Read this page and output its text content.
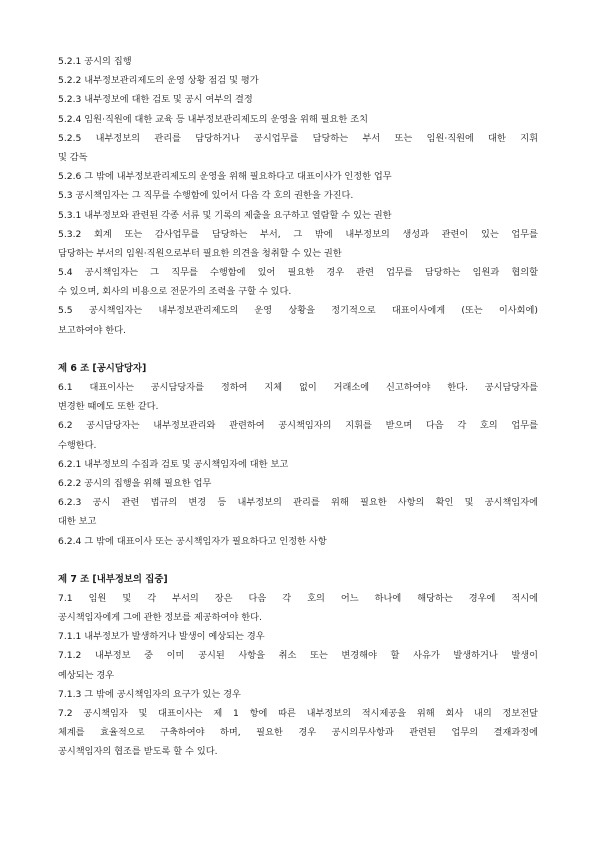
5.2.1 공시의 집행
5.2.2 내부정보관리제도의 운영 상황 점검 및 평가
5.2.3 내부정보에 대한 검토 및 공시 여부의 결정
5.2.4 임원·직원에 대한 교육 등 내부정보관리제도의 운영을 위해 필요한 조치
5.2.5 내부정보의 관리를 담당하거나 공시업무를 담당하는 부서 또는 임원·직원에 대한 지휘
및 감독
5.2.6 그 밖에 내부정보관리제도의 운영을 위해 필요하다고 대표이사가 인정한 업무
5.3 공시책임자는 그 직무를 수행함에 있어서 다음 각 호의 권한을 가진다.
5.3.1 내부정보와 관련된 각종 서류 및 기록의 제출을 요구하고 열람할 수 있는 권한
5.3.2 회계 또는 감사업무를 담당하는 부서, 그 밖에 내부정보의 생성과 관련이 있는 업무를
담당하는 부서의 임원·직원으로부터 필요한 의견을 청취할 수 있는 권한
5.4 공시책임자는 그 직무를 수행함에 있어 필요한 경우 관련 업무를 담당하는 임원과 협의할
수 있으며, 회사의 비용으로 전문가의 조력을 구할 수 있다.
5.5 공시책임자는 내부정보관리제도의 운영 상황을 정기적으로 대표이사에게 (또는 이사회에)
보고하여야 한다.
제 6 조 [공시담당자]
6.1 대표이사는 공시담당자를 정하여 지체 없이 거래소에 신고하여야 한다. 공시담당자를
변경한 때에도 또한 같다.
6.2 공시담당자는 내부정보관리와 관련하여 공시책임자의 지휘를 받으며 다음 각 호의 업무를
수행한다.
6.2.1 내부정보의 수집과 검토 및 공시책임자에 대한 보고
6.2.2 공시의 집행을 위해 필요한 업무
6.2.3 공시 관련 법규의 변경 등 내부정보의 관리를 위해 필요한 사항의 확인 및 공시책임자에
대한 보고
6.2.4 그 밖에 대표이사 또는 공시책임자가 필요하다고 인정한 사항
제 7 조 [내부정보의 집중]
7.1 임원 및 각 부서의 장은 다음 각 호의 어느 하나에 해당하는 경우에 적시에
공시책임자에게 그에 관한 정보를 제공하여야 한다.
7.1.1 내부정보가 발생하거나 발생이 예상되는 경우
7.1.2 내부정보 중 이미 공시된 사항을 취소 또는 변경해야 할 사유가 발생하거나 발생이
예상되는 경우
7.1.3 그 밖에 공시책임자의 요구가 있는 경우
7.2 공시책임자 및 대표이사는 제 1 항에 따른 내부정보의 적시제공을 위해 회사 내의 정보전달
체계를 효율적으로 구축하여야 하며, 필요한 경우 공시의무사항과 관련된 업무의 결재과정에
공시책임자의 협조를 받도록 할 수 있다.
